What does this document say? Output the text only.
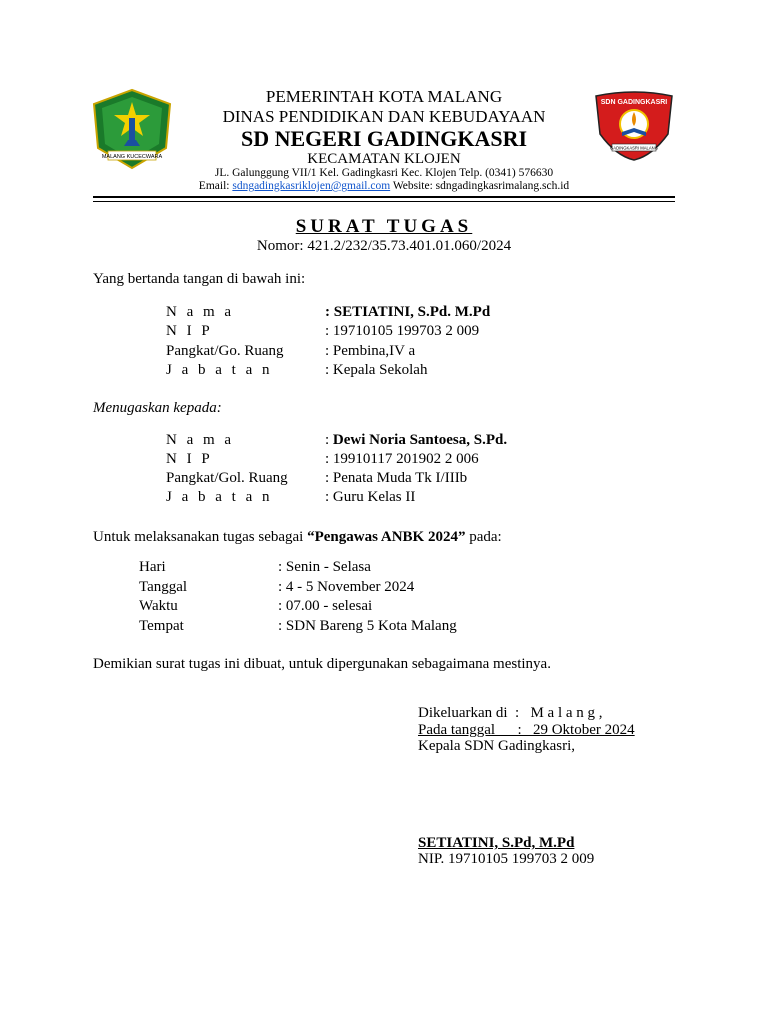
MALANG KUCECWARA
SDN GADINGKASRI
GADINGKASRI MALANG
PEMERINTAH KOTA MALANG
DINAS PENDIDIKAN DAN KEBUDAYAAN
SD NEGERI GADINGKASRI
KECAMATAN KLOJEN
JL. Galunggung VII/1 Kel. Gadingkasri Kec. Klojen Telp. (0341) 576630
Email: sdngadingkasriklojen@gmail.com Website: sdngadingkasrimalang.sch.id
SURAT TUGAS
Nomor: 421.2/232/35.73.401.01.060/2024
Yang bertanda tangan di bawah ini:
N a m a	: SETIATINI, S.Pd. M.Pd
N I P	: 19710105 199703 2 009
Pangkat/Go. Ruang	: Pembina,IV a
J a b a t a n	: Kepala Sekolah
Menugaskan kepada:
N a m a	: Dewi Noria Santoesa, S.Pd.
N I P	: 19910117 201902 2 006
Pangkat/Gol. Ruang : Penata Muda Tk I/IIIb
J a b a t a n	: Guru Kelas II
Untuk melaksanakan tugas sebagai “Pengawas ANBK 2024” pada:
Hari	: Senin - Selasa
Tanggal	: 4 - 5 November 2024
Waktu	: 07.00 - selesai
Tempat	: SDN Bareng 5 Kota Malang
Demikian surat tugas ini dibuat, untuk dipergunakan sebagaimana mestinya.
Dikeluarkan di  :   M a l a n g ,
Pada tanggal      :   29 Oktober 2024
Kepala SDN Gadingkasri,
SETIATINI, S.Pd, M.Pd
NIP. 19710105 199703 2 009
